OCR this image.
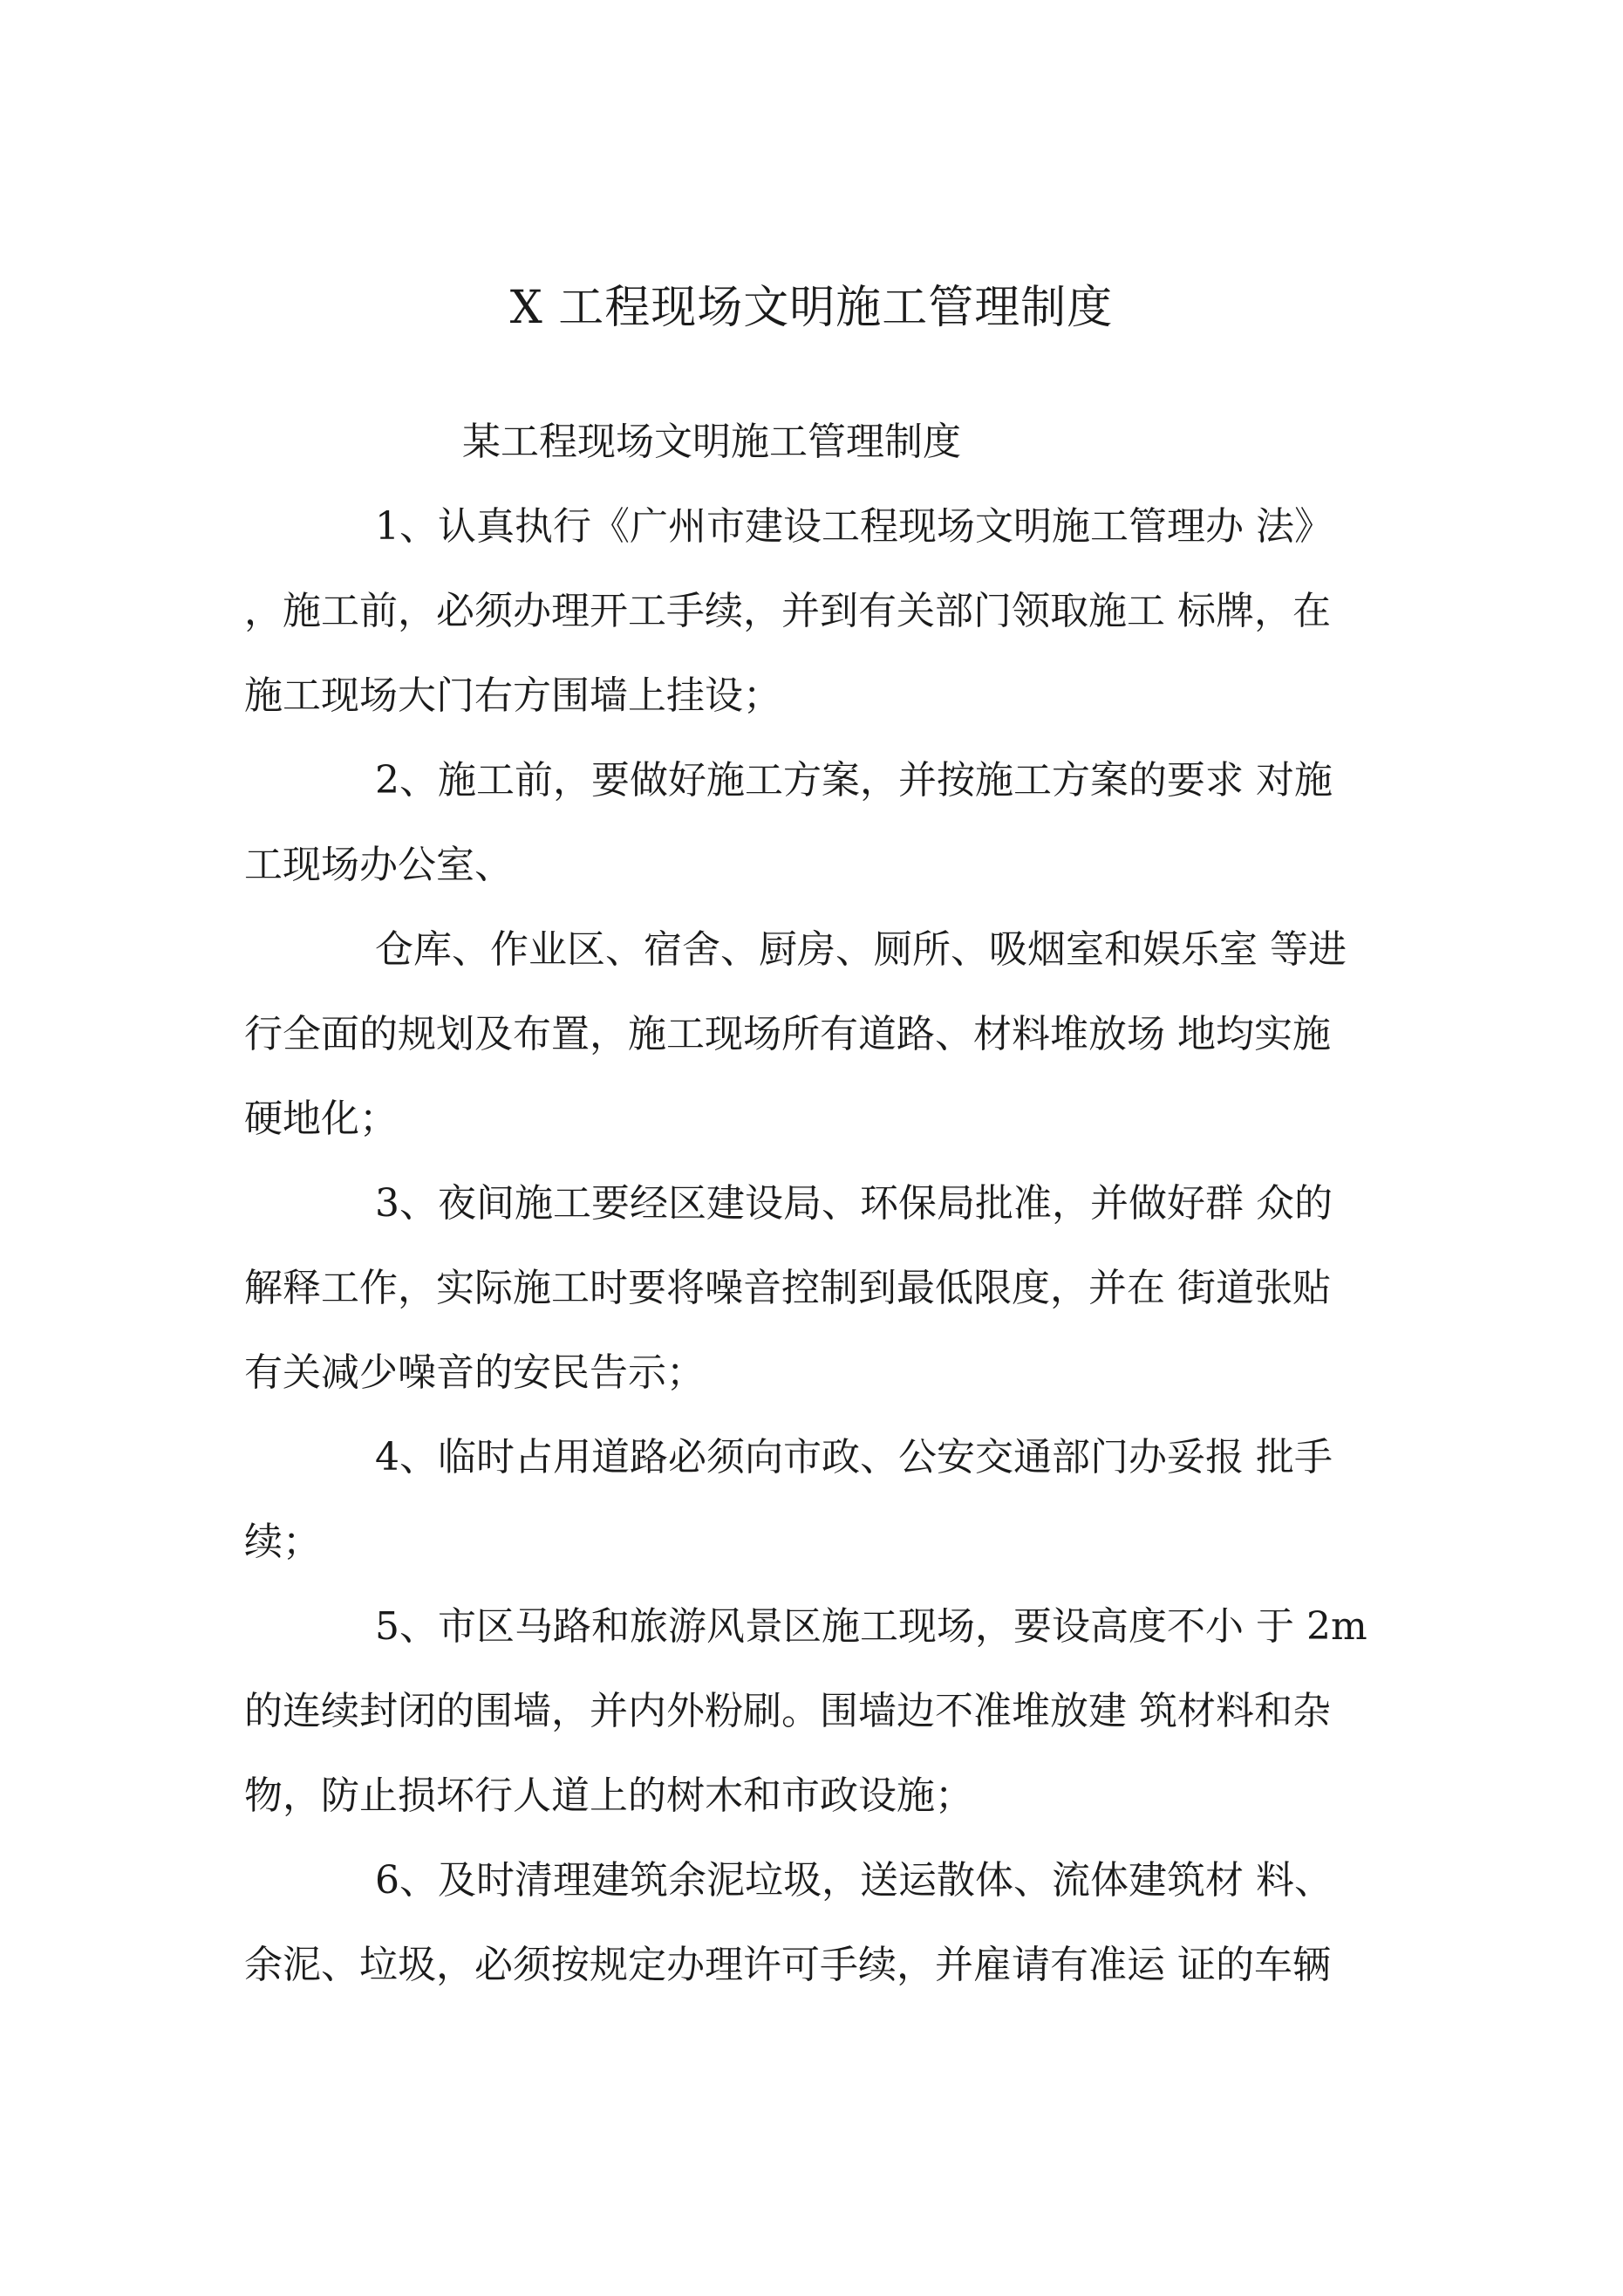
X 工程现场文明施工管理制度
某工程现场文明施工管理制度
1、认真执行《广州市建设工程现场文明施工管理办 法》
，施工前，必须办理开工手续，并到有关部门领取施工 标牌，在
施工现场大门右方围墙上挂设；
2、施工前，要做好施工方案，并按施工方案的要求 对施
工现场办公室、
仓库、作业区、宿舍、厨房、厕所、吸烟室和娱乐室 等进
行全面的规划及布置，施工现场所有道路、材料堆放场 地均实施
硬地化；
3、夜间施工要经区建设局、环保局批准，并做好群 众的
解释工作，实际施工时要将噪音控制到最低限度，并在 街道张贴
有关减少噪音的安民告示；
4、临时占用道路必须向市政、公安交通部门办妥报 批手
续；
5、市区马路和旅游风景区施工现场，要设高度不小 于 2m
的连续封闭的围墙，并内外粉刷。围墙边不准堆放建 筑材料和杂
物，防止损坏行人道上的树木和市政设施；
6、及时清理建筑余泥垃圾，送运散体、流体建筑材 料、
余泥、垃圾，必须按规定办理许可手续，并雇请有准运 证的车辆
